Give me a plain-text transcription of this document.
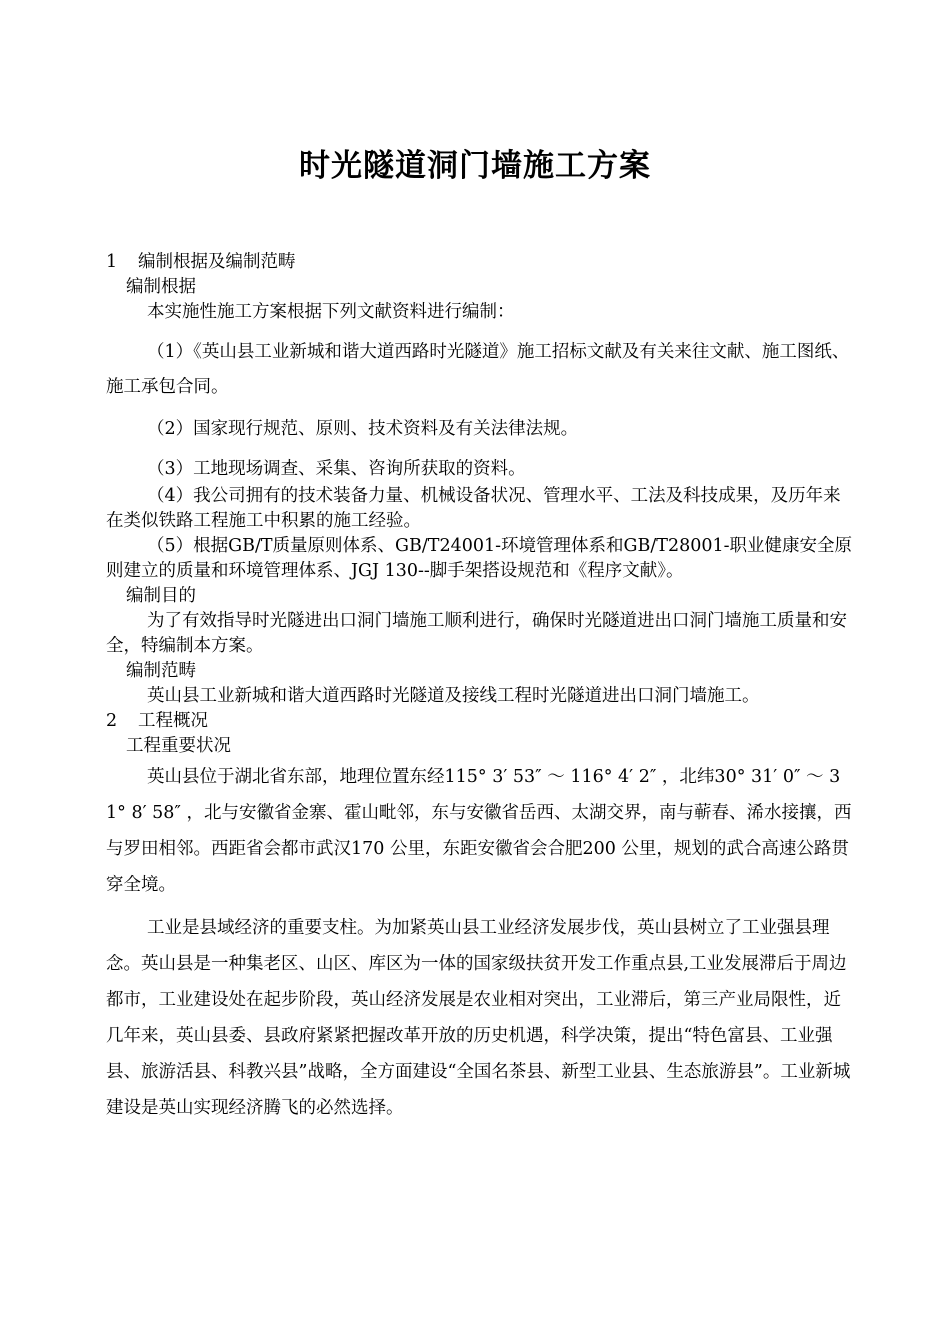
时光隧道洞门墙施工方案
1 编制根据及编制范畴
编制根据
本实施性施工方案根据下列文献资料进行编制：
（1）《英山县工业新城和谐大道西路时光隧道》施工招标文献及有关来往文献、施工图纸、施工承包合同。
（2）国家现行规范、原则、技术资料及有关法律法规。
（3）工地现场调查、采集、咨询所获取的资料。
（4）我公司拥有的技术装备力量、机械设备状况、管理水平、工法及科技成果，及历年来在类似铁路工程施工中积累的施工经验。
（5）根据GB/T质量原则体系、GB/T24001-环境管理体系和GB/T28001-职业健康安全原则建立的质量和环境管理体系、JGJ 130--脚手架搭设规范和《程序文献》。
编制目的
为了有效指导时光隧进出口洞门墙施工顺利进行，确保时光隧道进出口洞门墙施工质量和安全，特编制本方案。
编制范畴
英山县工业新城和谐大道西路时光隧道及接线工程时光隧道进出口洞门墙施工。
2 工程概况
工程重要状况
英山县位于湖北省东部，地理位置东经115° 3′ 53″ ～ 116° 4′ 2″ ，北纬30° 31′ 0″ ～ 31° 8′ 58″ ，北与安徽省金寨、霍山毗邻，东与安徽省岳西、太湖交界，南与蕲春、浠水接攘，西与罗田相邻。西距省会都市武汉170 公里，东距安徽省会合肥200 公里，规划的武合高速公路贯穿全境。
工业是县域经济的重要支柱。为加紧英山县工业经济发展步伐，英山县树立了工业强县理念。英山县是一种集老区、山区、库区为一体的国家级扶贫开发工作重点县,工业发展滞后于周边都市，工业建设处在起步阶段，英山经济发展是农业相对突出，工业滞后，第三产业局限性，近几年来，英山县委、县政府紧紧把握改革开放的历史机遇，科学决策，提出“特色富县、工业强县、旅游活县、科教兴县”战略，全方面建设“全国名茶县、新型工业县、生态旅游县”。工业新城建设是英山实现经济腾飞的必然选择。
